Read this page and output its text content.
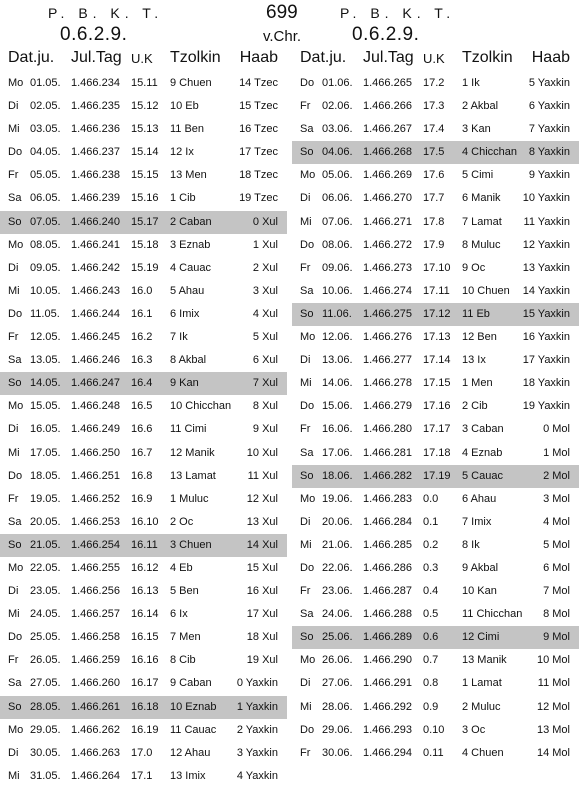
P. B. K. T.
0.6.2.9.
699
v.Chr.
P. B. K. T.
0.6.2.9.
Dat.ju. Jul.Tag U.K Tzolkin Haab Dat.ju. Jul.Tag U.K Tzolkin Haab
Mo 01.05. 1.466.234 15.11 9 Chuen 14 Tzec
Di 02.05. 1.466.235 15.12 10 Eb	15 Tzec
Mi 03.05. 1.466.236 15.13 11 Ben	16 Tzec
Do 04.05. 1.466.237 15.14 12 Ix	17 Tzec
Fr 05.05. 1.466.238 15.15 13 Men	18 Tzec
Sa 06.05. 1.466.239 15.16 1 Cib	19 Tzec
So 07.05. 1.466.240 15.17 2 Caban	0 Xul
Mo 08.05. 1.466.241 15.18 3 Eznab	1 Xul
Di 09.05. 1.466.242 15.19 4 Cauac	2 Xul
Mi 10.05. 1.466.243 16.0 5 Ahau	3 Xul
Do 11.05. 1.466.244 16.1 6 Imix	4 Xul
Fr 12.05. 1.466.245 16.2 7 Ik	5 Xul
Sa 13.05. 1.466.246 16.3 8 Akbal	6 Xul
So 14.05. 1.466.247 16.4 9 Kan	7 Xul
Mo 15.05. 1.466.248 16.5 10 Chicchan 8 Xul
Di 16.05. 1.466.249 16.6 11 Cimi	9 Xul
Mi 17.05. 1.466.250 16.7 12 Manik	10 Xul
Do 18.05. 1.466.251 16.8 13 Lamat	11 Xul
Fr 19.05. 1.466.252 16.9 1 Muluc	12 Xul
Sa 20.05. 1.466.253 16.10 2 Oc	13 Xul
So 21.05. 1.466.254 16.11 3 Chuen	14 Xul
Mo 22.05. 1.466.255 16.12 4 Eb	15 Xul
Di 23.05. 1.466.256 16.13 5 Ben	16 Xul
Mi 24.05. 1.466.257 16.14 6 Ix	17 Xul
Do 25.05. 1.466.258 16.15 7 Men	18 Xul
Fr 26.05. 1.466.259 16.16 8 Cib	19 Xul
Sa 27.05. 1.466.260 16.17 9 Caban 0 Yaxkin
So 28.05. 1.466.261 16.18 10 Eznab 1 Yaxkin
Mo 29.05. 1.466.262 16.19 11 Cauac 2 Yaxkin
Di 30.05. 1.466.263 17.0 12 Ahau 3 Yaxkin
Mi 31.05. 1.466.264 17.1 13 Imix	4 Yaxkin
Do 01.06. 1.466.265 17.2 1 Ik	5 Yaxkin
Fr 02.06. 1.466.266 17.3 2 Akbal	6 Yaxkin
Sa 03.06. 1.466.267 17.4 3 Kan	7 Yaxkin
So 04.06. 1.466.268 17.5 4 Chicchan 8 Yaxkin
Mo 05.06. 1.466.269 17.6 5 Cimi	9 Yaxkin
Di 06.06. 1.466.270 17.7 6 Manik 10 Yaxkin
Mi 07.06. 1.466.271 17.8 7 Lamat 11 Yaxkin
Do 08.06. 1.466.272 17.9 8 Muluc 12 Yaxkin
Fr 09.06. 1.466.273 17.10 9 Oc	13 Yaxkin
Sa 10.06. 1.466.274 17.11 10 Chuen 14 Yaxkin
So 11.06. 1.466.275 17.12 11 Eb	15 Yaxkin
Mo 12.06. 1.466.276 17.13 12 Ben 16 Yaxkin
Di 13.06. 1.466.277 17.14 13 Ix	17 Yaxkin
Mi 14.06. 1.466.278 17.15 1 Men	18 Yaxkin
Do 15.06. 1.466.279 17.16 2 Cib	19 Yaxkin
Fr 16.06. 1.466.280 17.17 3 Caban	0 Mol
Sa 17.06. 1.466.281 17.18 4 Eznab	1 Mol
So 18.06. 1.466.282 17.19 5 Cauac	2 Mol
Mo 19.06. 1.466.283 0.0 6 Ahau	3 Mol
Di 20.06. 1.466.284 0.1 7 Imix	4 Mol
Mi 21.06. 1.466.285 0.2 8 Ik	5 Mol
Do 22.06. 1.466.286 0.3 9 Akbal	6 Mol
Fr 23.06. 1.466.287 0.4 10 Kan	7 Mol
Sa 24.06. 1.466.288 0.5 11 Chicchan 8 Mol
So 25.06. 1.466.289 0.6 12 Cimi	9 Mol
Mo 26.06. 1.466.290 0.7 13 Manik	10 Mol
Di 27.06. 1.466.291 0.8 1 Lamat	11 Mol
Mi 28.06. 1.466.292 0.9 2 Muluc	12 Mol
Do 29.06. 1.466.293 0.10 3 Oc	13 Mol
Fr 30.06. 1.466.294 0.11 4 Chuen	14 Mol
